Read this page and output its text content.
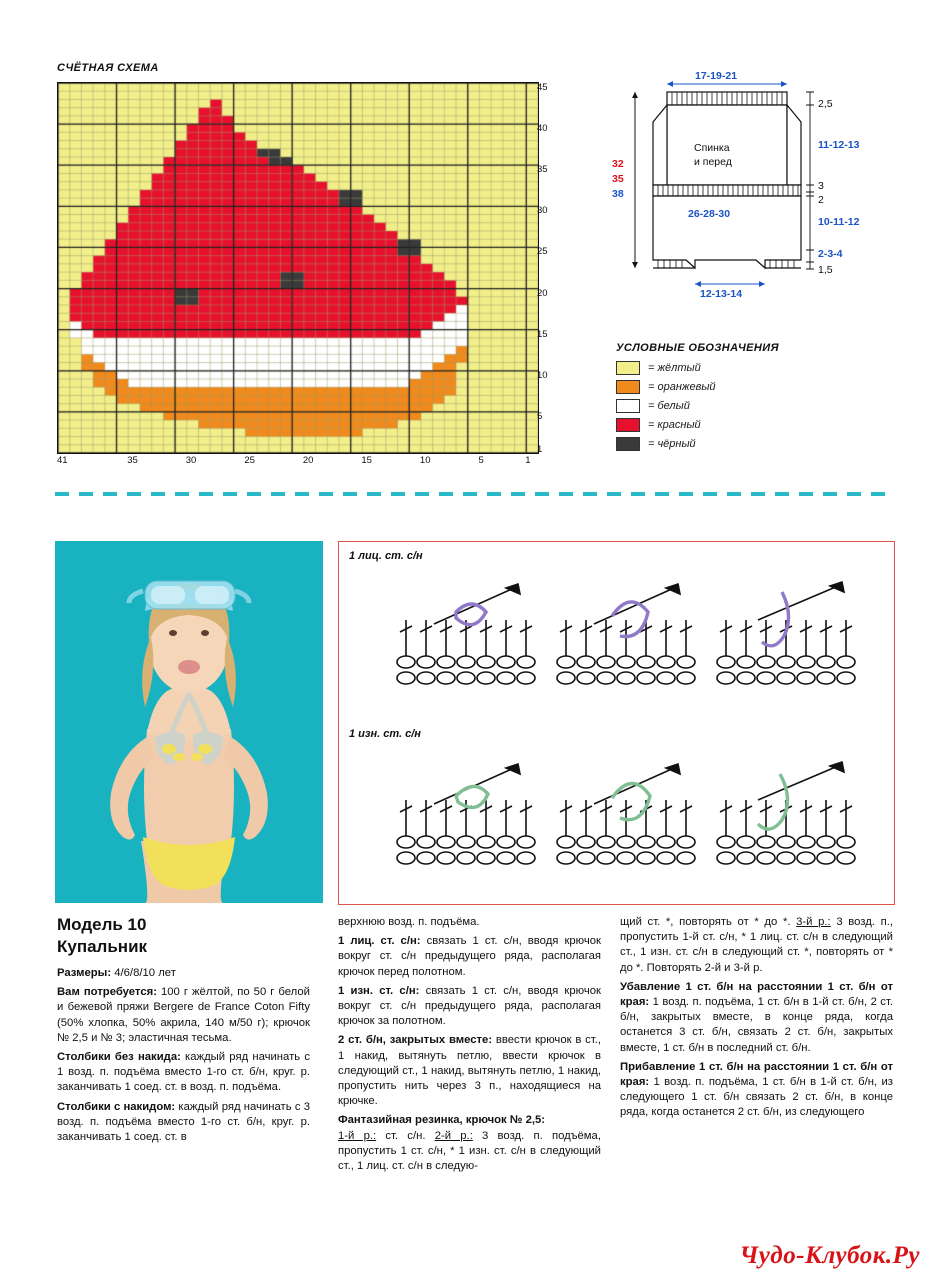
СЧЁТНАЯ СХЕМА
45
40
35
30
25
20
15
10
5
1
41	35	30	25	20	15	10	5	1
17-19-21
12-13-14
Спинка
и перед
26-28-30
2,5
11-12-13
3
2
10-11-12
2-3-4
1,5
32
35
38
УСЛОВНЫЕ ОБОЗНАЧЕНИЯ
= жёлтый
= оранжевый
= белый
= красный
= чёрный
1 лиц. ст. с/н
1 изн. ст. с/н
Модель 10
Купальник

Размеры: 4/6/8/10 лет

Вам потребуется: 100 г жёлтой, по 50 г белой и бежевой пряжи Bergere de France Coton Fifty (50% хлопка, 50% акрила, 140 м/50 г); крючок № 2,5 и № 3; эластичная тесьма.

Столбики без накида: каждый ряд начинать с 1 возд. п. подъёма вместо 1-го ст. б/н, круг. р. заканчивать 1 соед. ст. в возд. п. подъёма.

Столбики с накидом: каждый ряд начинать с 3 возд. п. подъёма вместо 1-го ст. б/н, круг. р. заканчивать 1 соед. ст. в

верхнюю возд. п. подъёма.

1 лиц. ст. с/н: связать 1 ст. с/н, вводя крючок вокруг ст. с/н предыдущего ряда, располагая крючок перед полотном.

1 изн. ст. с/н: связать 1 ст. с/н, вводя крючок вокруг ст. с/н предыдущего ряда, располагая крючок за полотном.

2 ст. б/н, закрытых вместе: ввести крючок в ст., 1 накид, вытянуть петлю, ввести крючок в следующий ст., 1 накид, вытянуть петлю, 1 накид, пропустить нить через 3 п., находящиеся на крючке.

Фантазийная резинка, крючок № 2,5:
1-й р.: ст. с/н. 2-й р.: 3 возд. п. подъёма, пропустить 1 ст. с/н, * 1 изн. ст. с/н в следующий ст., 1 лиц. ст. с/н в следую-

щий ст. *, повторять от * до *. 3-й р.: 3 возд. п., пропустить 1-й ст. с/н, * 1 лиц. ст. с/н в следующий ст., 1 изн. ст. с/н в следующий ст. *, повторять от * до *. Повторять 2-й и 3-й р.

Убавление 1 ст. б/н на расстоянии 1 ст. б/н от края: 1 возд. п. подъёма, 1 ст. б/н в 1-й ст. б/н, 2 ст. б/н, закрытых вместе, в конце ряда, когда останется 3 ст. б/н, связать 2 ст. б/н, закрытых вместе, 1 ст. б/н в последний ст. б/н.

Прибавление 1 ст. б/н на расстоянии 1 ст. б/н от края: 1 возд. п. подъёма, 1 ст. б/н в 1-й ст. б/н, из следующего 1 ст. б/н связать 2 ст. б/н, в конце ряда, когда останется 2 ст. б/н, из следующего

Чудо-Клубок.Ру
43
